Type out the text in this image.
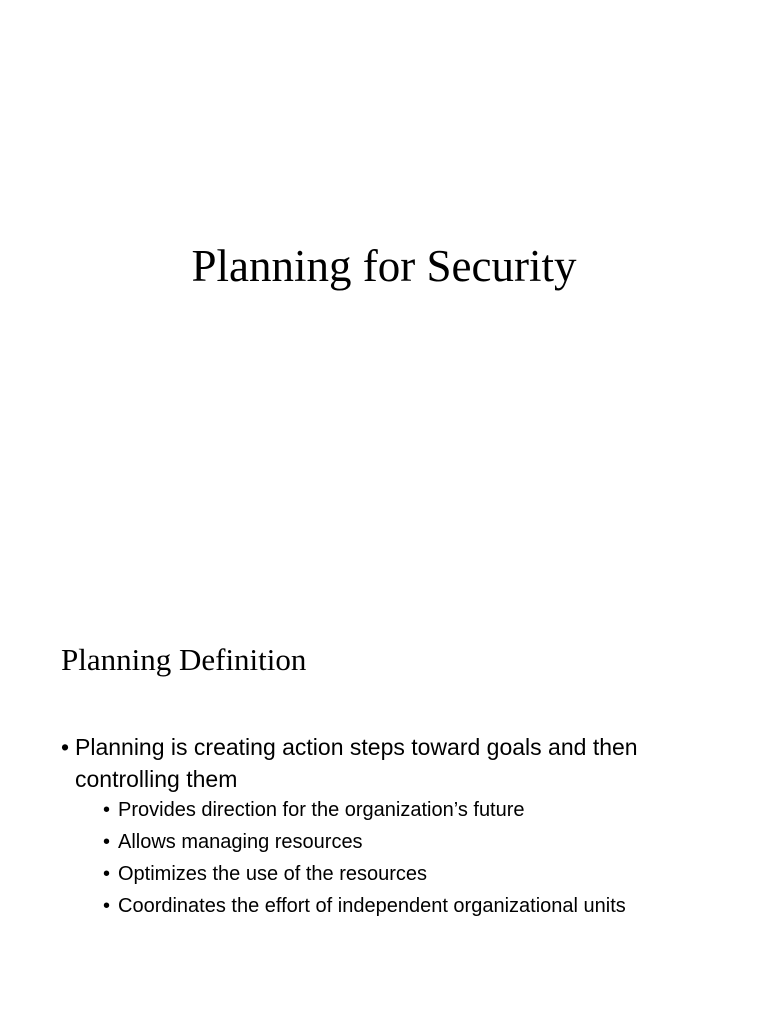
Planning for Security
Planning Definition
• Planning is creating action steps toward goals and then controlling them
• Provides direction for the organization’s future
• Allows managing resources
• Optimizes the use of the resources
• Coordinates the effort of independent organizational units
